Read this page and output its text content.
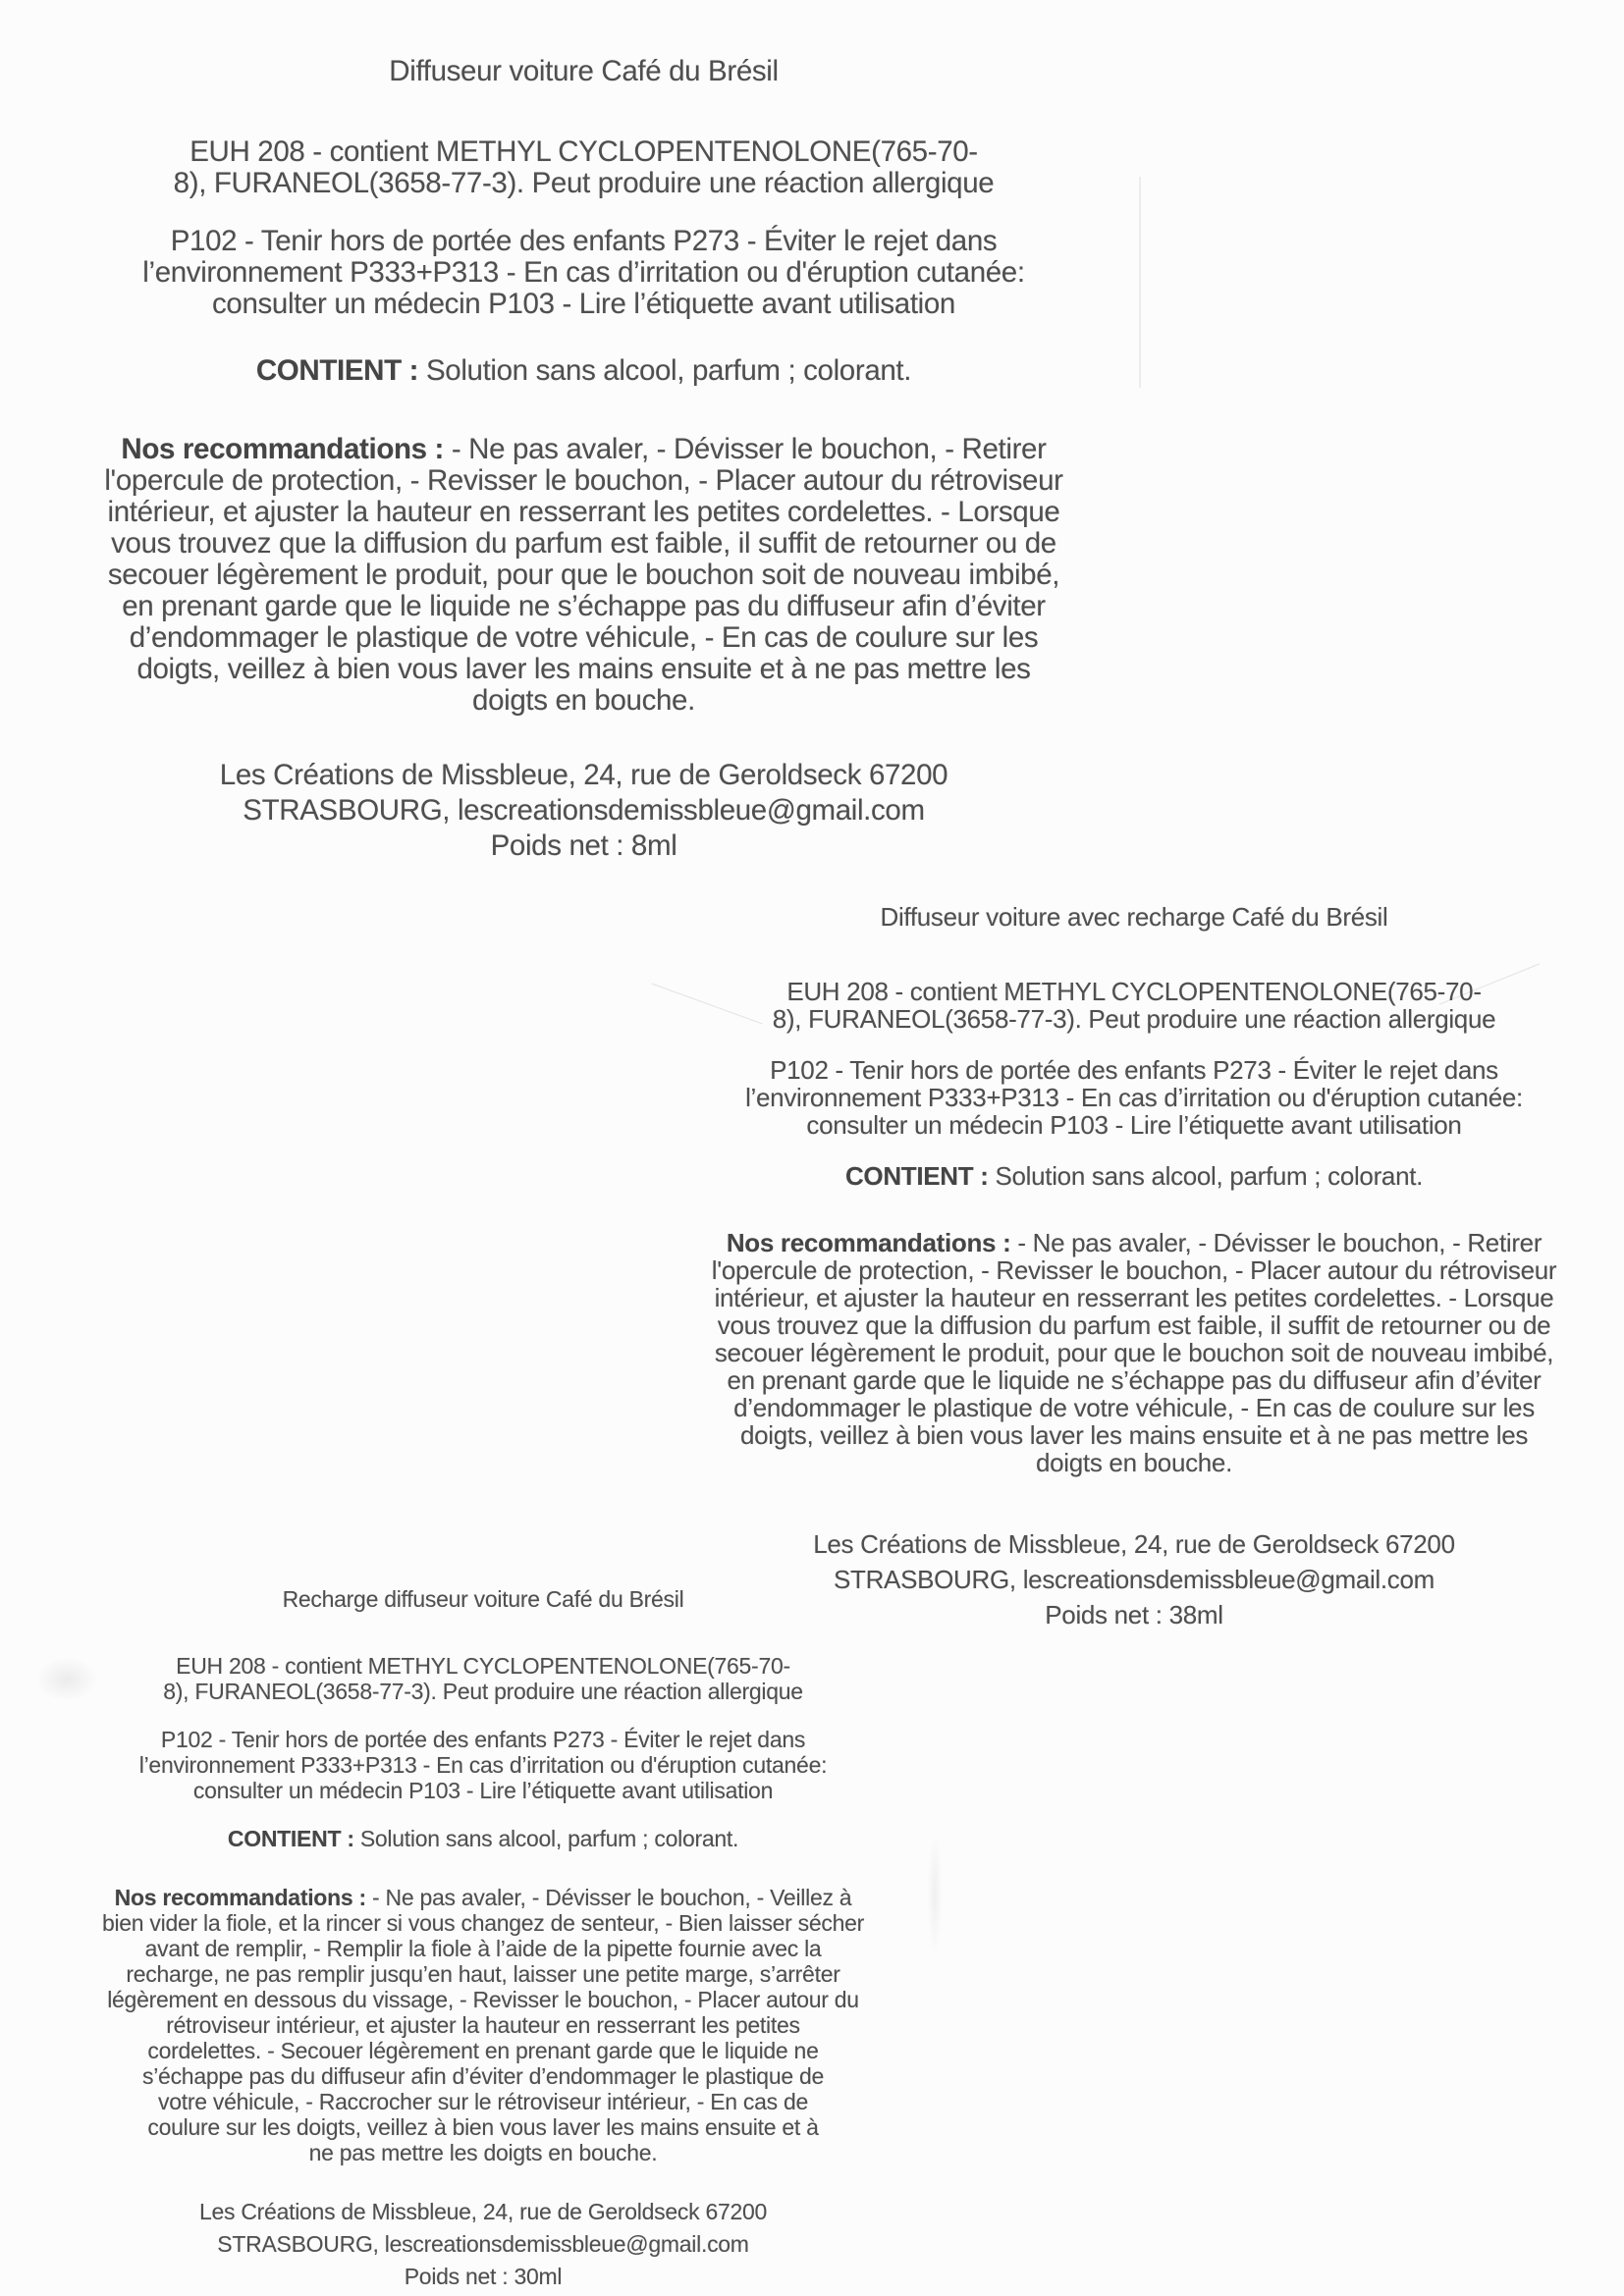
Diffuseur voiture Café du Brésil
EUH 208 - contient METHYL CYCLOPENTENOLONE(765-70-
8), FURANEOL(3658-77-3). Peut produire une réaction allergique
P102 - Tenir hors de portée des enfants P273 - Éviter le rejet dans
l’environnement P333+P313 - En cas d’irritation ou d'éruption cutanée:
consulter un médecin P103 - Lire l’étiquette avant utilisation
CONTIENT : Solution sans alcool, parfum ; colorant.
Nos recommandations : - Ne pas avaler, - Dévisser le bouchon, - Retirer
l'opercule de protection, - Revisser le bouchon, - Placer autour du rétroviseur
intérieur, et ajuster la hauteur en resserrant les petites cordelettes. - Lorsque
vous trouvez que la diffusion du parfum est faible, il suffit de retourner ou de
secouer légèrement le produit, pour que le bouchon soit de nouveau imbibé,
en prenant garde que le liquide ne s’échappe pas du diffuseur afin d’éviter
d’endommager le plastique de votre véhicule, - En cas de coulure sur les
doigts, veillez à bien vous laver les mains ensuite et à ne pas mettre les
doigts en bouche.
Les Créations de Missbleue, 24, rue de Geroldseck 67200
STRASBOURG, lescreationsdemissbleue@gmail.com
Poids net : 8ml
Diffuseur voiture avec recharge Café du Brésil
EUH 208 - contient METHYL CYCLOPENTENOLONE(765-70-
8), FURANEOL(3658-77-3). Peut produire une réaction allergique
P102 - Tenir hors de portée des enfants P273 - Éviter le rejet dans
l’environnement P333+P313 - En cas d’irritation ou d'éruption cutanée:
consulter un médecin P103 - Lire l’étiquette avant utilisation
CONTIENT : Solution sans alcool, parfum ; colorant.
Nos recommandations : - Ne pas avaler, - Dévisser le bouchon, - Retirer
l'opercule de protection, - Revisser le bouchon, - Placer autour du rétroviseur
intérieur, et ajuster la hauteur en resserrant les petites cordelettes. - Lorsque
vous trouvez que la diffusion du parfum est faible, il suffit de retourner ou de
secouer légèrement le produit, pour que le bouchon soit de nouveau imbibé,
en prenant garde que le liquide ne s’échappe pas du diffuseur afin d’éviter
d’endommager le plastique de votre véhicule, - En cas de coulure sur les
doigts, veillez à bien vous laver les mains ensuite et à ne pas mettre les
doigts en bouche.
Les Créations de Missbleue, 24, rue de Geroldseck 67200
STRASBOURG, lescreationsdemissbleue@gmail.com
Poids net : 38ml
Recharge diffuseur voiture Café du Brésil
EUH 208 - contient METHYL CYCLOPENTENOLONE(765-70-
8), FURANEOL(3658-77-3). Peut produire une réaction allergique
P102 - Tenir hors de portée des enfants P273 - Éviter le rejet dans
l’environnement P333+P313 - En cas d’irritation ou d'éruption cutanée:
consulter un médecin P103 - Lire l’étiquette avant utilisation
CONTIENT : Solution sans alcool, parfum ; colorant.
Nos recommandations : - Ne pas avaler, - Dévisser le bouchon, - Veillez à
bien vider la fiole, et la rincer si vous changez de senteur, - Bien laisser sécher
avant de remplir, - Remplir la fiole à l’aide de la pipette fournie avec la
recharge, ne pas remplir jusqu’en haut, laisser une petite marge, s’arrêter
légèrement en dessous du vissage, - Revisser le bouchon, - Placer autour du
rétroviseur intérieur, et ajuster la hauteur en resserrant les petites
cordelettes. - Secouer légèrement en prenant garde que le liquide ne
s’échappe pas du diffuseur afin d’éviter d’endommager le plastique de
votre véhicule, - Raccrocher sur le rétroviseur intérieur, - En cas de
coulure sur les doigts, veillez à bien vous laver les mains ensuite et à
ne pas mettre les doigts en bouche.
Les Créations de Missbleue, 24, rue de Geroldseck 67200
STRASBOURG, lescreationsdemissbleue@gmail.com
Poids net : 30ml
